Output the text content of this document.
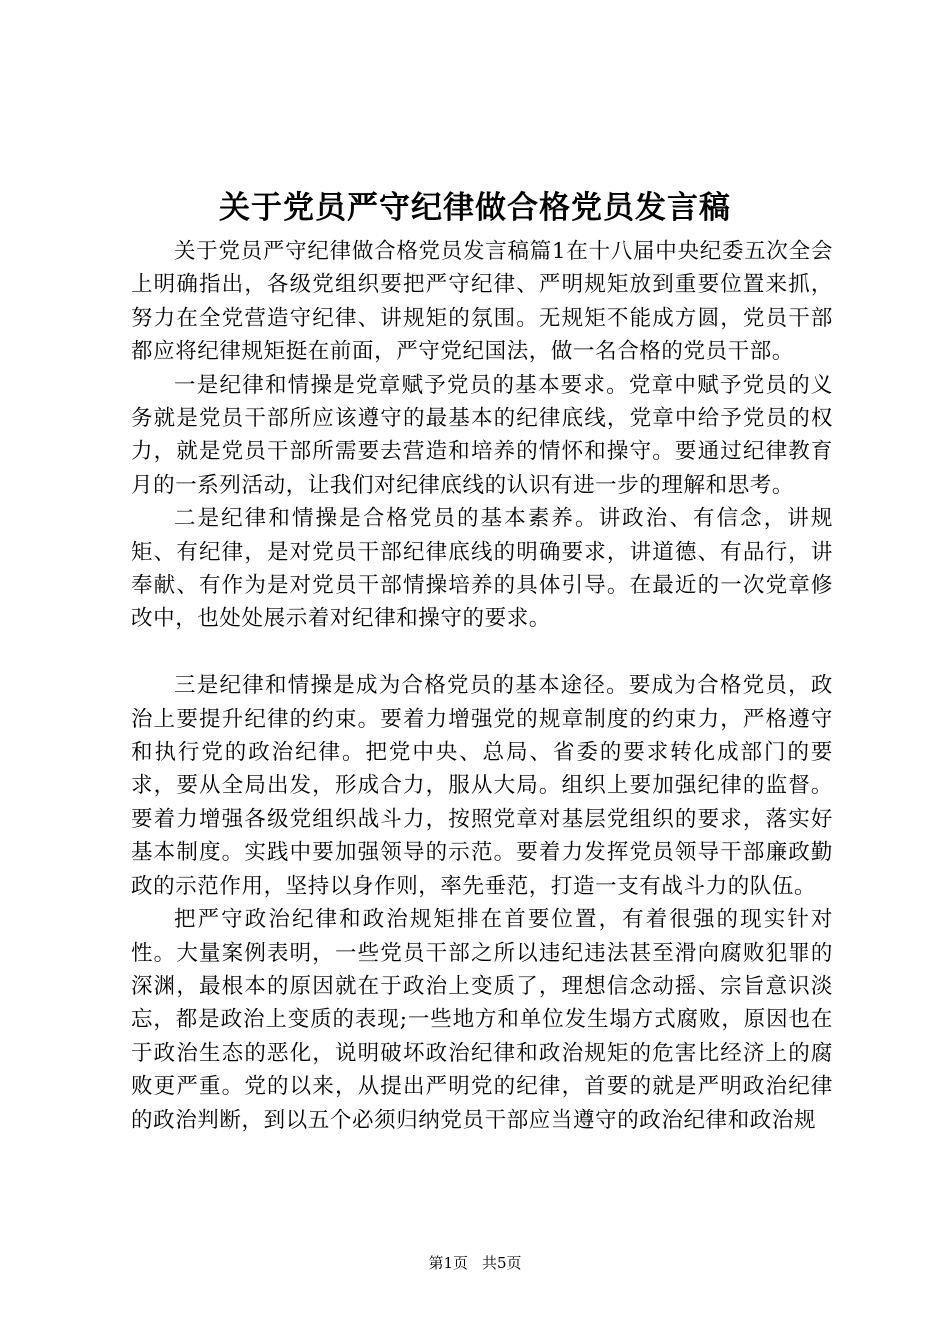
关于党员严守纪律做合格党员发言稿

关于党员严守纪律做合格党员发言稿篇1在十八届中央纪委五次全会上明确指出，各级党组织要把严守纪律、严明规矩放到重要位置来抓，努力在全党营造守纪律、讲规矩的氛围。无规矩不能成方圆，党员干部都应将纪律规矩挺在前面，严守党纪国法，做一名合格的党员干部。

一是纪律和情操是党章赋予党员的基本要求。党章中赋予党员的义务就是党员干部所应该遵守的最基本的纪律底线，党章中给予党员的权力，就是党员干部所需要去营造和培养的情怀和操守。要通过纪律教育月的一系列活动，让我们对纪律底线的认识有进一步的理解和思考。

二是纪律和情操是合格党员的基本素养。讲政治、有信念，讲规矩、有纪律，是对党员干部纪律底线的明确要求，讲道德、有品行，讲奉献、有作为是对党员干部情操培养的具体引导。在最近的一次党章修改中，也处处展示着对纪律和操守的要求。

三是纪律和情操是成为合格党员的基本途径。要成为合格党员，政治上要提升纪律的约束。要着力增强党的规章制度的约束力，严格遵守和执行党的政治纪律。把党中央、总局、省委的要求转化成部门的要求，要从全局出发，形成合力，服从大局。组织上要加强纪律的监督。要着力增强各级党组织战斗力，按照党章对基层党组织的要求，落实好基本制度。实践中要加强领导的示范。要着力发挥党员领导干部廉政勤政的示范作用，坚持以身作则，率先垂范，打造一支有战斗力的队伍。

把严守政治纪律和政治规矩排在首要位置，有着很强的现实针对性。大量案例表明，一些党员干部之所以违纪违法甚至滑向腐败犯罪的深渊，最根本的原因就在于政治上变质了，理想信念动摇、宗旨意识淡忘，都是政治上变质的表现;一些地方和单位发生塌方式腐败，原因也在于政治生态的恶化，说明破坏政治纪律和政治规矩的危害比经济上的腐败更严重。党的以来，从提出严明党的纪律，首要的就是严明政治纪律的政治判断，到以五个必须归纳党员干部应当遵守的政治纪律和政治规

第1页 共5页
